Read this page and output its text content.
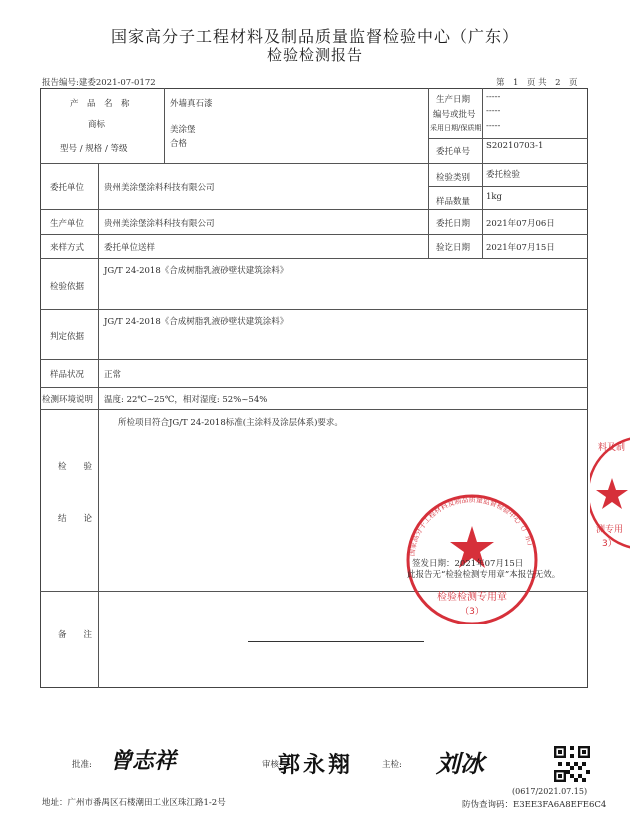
国家高分子工程材料及制品质量监督检验中心（广东）
检验检测报告
报告编号:建委2021-07-0172	第　1　页 共　2　页
产　品　名　称	外墙真石漆
商标	美涂堡
型号 / 规格 / 等级	合格
生产日期 -----
编号或批号 -----
采用日期/保质期 -----
委托单号
S20210703-1
委托单位 贵州美涂堡涂料科技有限公司
检验类别 委托检验
样品数量 1kg
生产单位 贵州美涂堡涂料科技有限公司	委托日期 2021年07月06日
来样方式 委托单位送样	验讫日期 2021年07月15日
检验依据
JG/T 24-2018《合成树脂乳液砂壁状建筑涂料》
判定依据
JG/T 24-2018《合成树脂乳液砂壁状建筑涂料》
样品状况 正常
检测环境说明 温度: 22℃~25℃，相对湿度: 52%~54%
检　　验
结　　论
所检项目符合JG/T 24-2018标准(主涂料及涂层体系)要求。
国家高分子工程材料及制品质量监督检验中心（广东）
检验检测专用章
（3）
签发日期：2021年07月15日
此报告无“检验检测专用章”本报告无效。
料及制
测专用
3）
备　　注
批准: 曾志祥	审核:
郭永翔	主检: 刘冰
地址：广州市番禺区石楼潮田工业区珠江路1-2号
(0617/2021.07.15)
防伪查询码：E3EE3FA6A8EFE6C4
